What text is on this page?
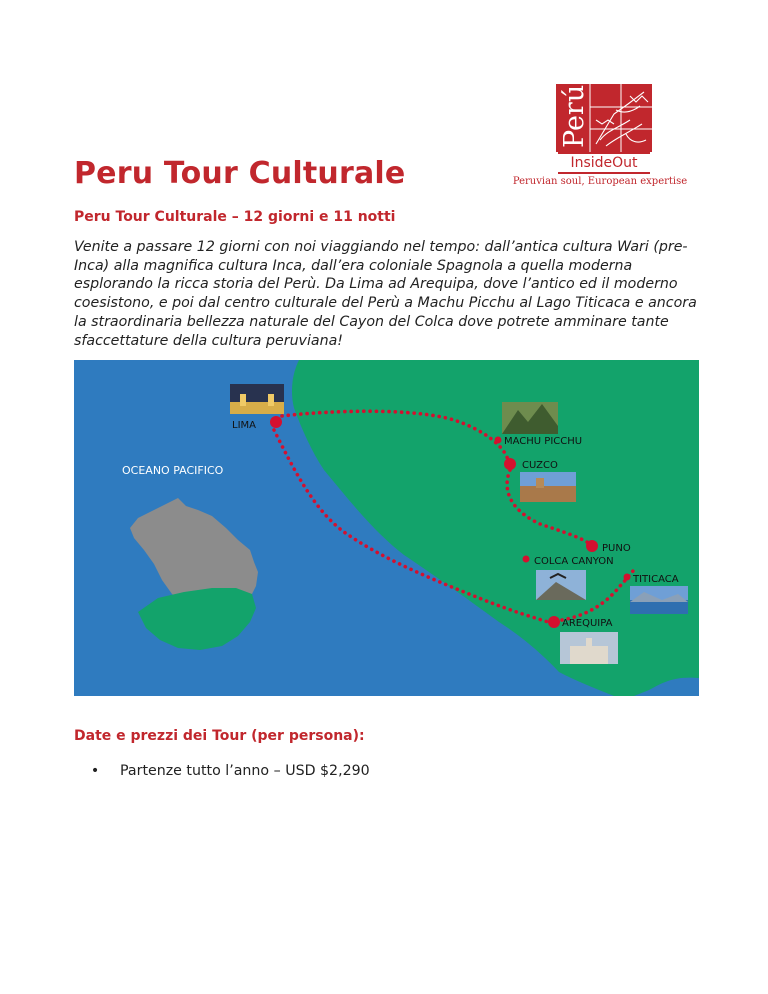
Peru Tour Culturale
Perú
InsideOut
Peruvian soul, European expertise
Peru Tour Culturale – 12 giorni e 11 notti

Venite a passare 12 giorni con noi viaggiando nel tempo: dall’antica cultura Wari (pre-Inca) alla magnifica cultura Inca, dall’era coloniale Spagnola a quella moderna esplorando la ricca storia del Perù. Da Lima ad Arequipa, dove l’antico ed il moderno coesistono, e poi dal centro culturale del Perù a Machu Picchu al Lago Titicaca e ancora la straordinaria bellezza naturale del Cayon del Colca dove potrete amminare tante sfaccettature della cultura peruviana!

OCEANO PACIFICO
LIMA
MACHU PICCHU
CUZCO
PUNO
COLCA CANYON
TITICACA
AREQUIPA
Date e prezzi dei Tour (per persona):
•	Partenze tutto l’anno – USD $2,290
